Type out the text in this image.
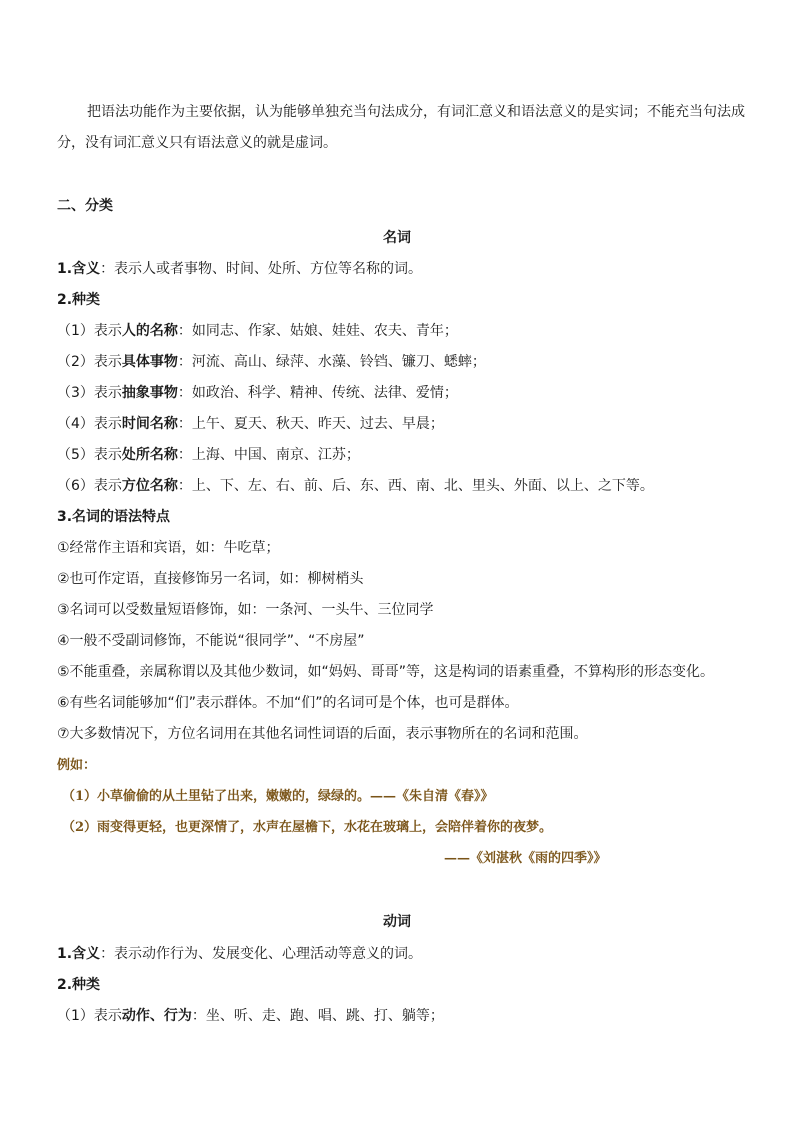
把语法功能作为主要依据，认为能够单独充当句法成分，有词汇意义和语法意义的是实词；不能充当句法成
分，没有词汇意义只有语法意义的就是虚词。
二、分类
名词
1.含义：表示人或者事物、时间、处所、方位等名称的词。
2.种类
（1）表示人的名称：如同志、作家、姑娘、娃娃、农夫、青年；
（2）表示具体事物：河流、高山、绿萍、水藻、铃铛、镰刀、蟋蟀；
（3）表示抽象事物：如政治、科学、精神、传统、法律、爱情；
（4）表示时间名称：上午、夏天、秋天、昨天、过去、早晨；
（5）表示处所名称：上海、中国、南京、江苏；
（6）表示方位名称：上、下、左、右、前、后、东、西、南、北、里头、外面、以上、之下等。
3.名词的语法特点
①经常作主语和宾语，如：牛吃草；
②也可作定语，直接修饰另一名词，如：柳树梢头
③名词可以受数量短语修饰，如：一条河、一头牛、三位同学
④一般不受副词修饰，不能说“很同学”、“不房屋”
⑤不能重叠，亲属称谓以及其他少数词，如“妈妈、哥哥”等，这是构词的语素重叠，不算构形的形态变化。
⑥有些名词能够加“们”表示群体。不加“们”的名词可是个体，也可是群体。
⑦大多数情况下，方位名词用在其他名词性词语的后面，表示事物所在的名词和范围。
例如：
（1）小草偷偷的从土里钻了出来，嫩嫩的，绿绿的。——《朱自清《春》》
（2）雨变得更轻，也更深情了，水声在屋檐下，水花在玻璃上，会陪伴着你的夜梦。
——《刘湛秋《雨的四季》》
动词
1.含义：表示动作行为、发展变化、心理活动等意义的词。
2.种类
（1）表示动作、行为：坐、听、走、跑、唱、跳、打、躺等；
